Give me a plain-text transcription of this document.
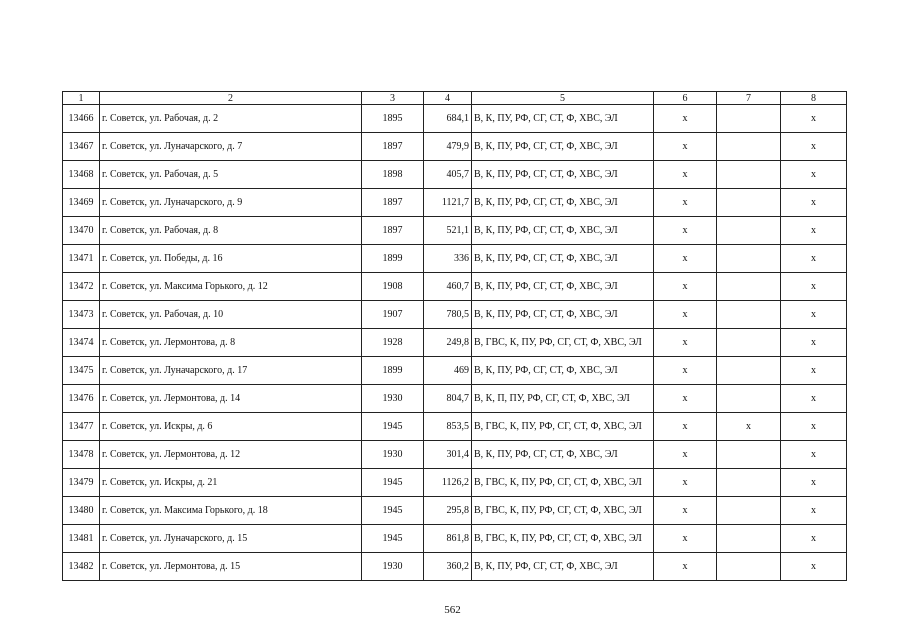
1	2	3	4	5	6	7	8
13466	г. Советск, ул. Рабочая, д. 2	1895	684,1	В, К, ПУ, РФ, СГ, СТ, Ф, ХВС, ЭЛ	x		x
13467	г. Советск, ул. Луначарского, д. 7	1897	479,9	В, К, ПУ, РФ, СГ, СТ, Ф, ХВС, ЭЛ	x		x
13468	г. Советск, ул. Рабочая, д. 5	1898	405,7	В, К, ПУ, РФ, СГ, СТ, Ф, ХВС, ЭЛ	x		x
13469	г. Советск, ул. Луначарского, д. 9	1897	1121,7	В, К, ПУ, РФ, СГ, СТ, Ф, ХВС, ЭЛ	x		x
13470	г. Советск, ул. Рабочая, д. 8	1897	521,1	В, К, ПУ, РФ, СГ, СТ, Ф, ХВС, ЭЛ	x		x
13471	г. Советск, ул. Победы, д. 16	1899	336	В, К, ПУ, РФ, СГ, СТ, Ф, ХВС, ЭЛ	x		x
13472	г. Советск, ул. Максима Горького, д. 12	1908	460,7	В, К, ПУ, РФ, СГ, СТ, Ф, ХВС, ЭЛ	x		x
13473	г. Советск, ул. Рабочая, д. 10	1907	780,5	В, К, ПУ, РФ, СГ, СТ, Ф, ХВС, ЭЛ	x		x
13474	г. Советск, ул. Лермонтова, д. 8	1928	249,8	В, ГВС, К, ПУ, РФ, СГ, СТ, Ф, ХВС, ЭЛ	x		x
13475	г. Советск, ул. Луначарского, д. 17	1899	469	В, К, ПУ, РФ, СГ, СТ, Ф, ХВС, ЭЛ	x		x
13476	г. Советск, ул. Лермонтова, д. 14	1930	804,7	В, К, П, ПУ, РФ, СГ, СТ, Ф, ХВС, ЭЛ	x		x
13477	г. Советск, ул. Искры, д. 6	1945	853,5	В, ГВС, К, ПУ, РФ, СГ, СТ, Ф, ХВС, ЭЛ	x	x	x
13478	г. Советск, ул. Лермонтова, д. 12	1930	301,4	В, К, ПУ, РФ, СГ, СТ, Ф, ХВС, ЭЛ	x		x
13479	г. Советск, ул. Искры, д. 21	1945	1126,2	В, ГВС, К, ПУ, РФ, СГ, СТ, Ф, ХВС, ЭЛ	x		x
13480	г. Советск, ул. Максима Горького, д. 18	1945	295,8	В, ГВС, К, ПУ, РФ, СГ, СТ, Ф, ХВС, ЭЛ	x		x
13481	г. Советск, ул. Луначарского, д. 15	1945	861,8	В, ГВС, К, ПУ, РФ, СГ, СТ, Ф, ХВС, ЭЛ	x		x
13482	г. Советск, ул. Лермонтова, д. 15	1930	360,2	В, К, ПУ, РФ, СГ, СТ, Ф, ХВС, ЭЛ	x		x
562
